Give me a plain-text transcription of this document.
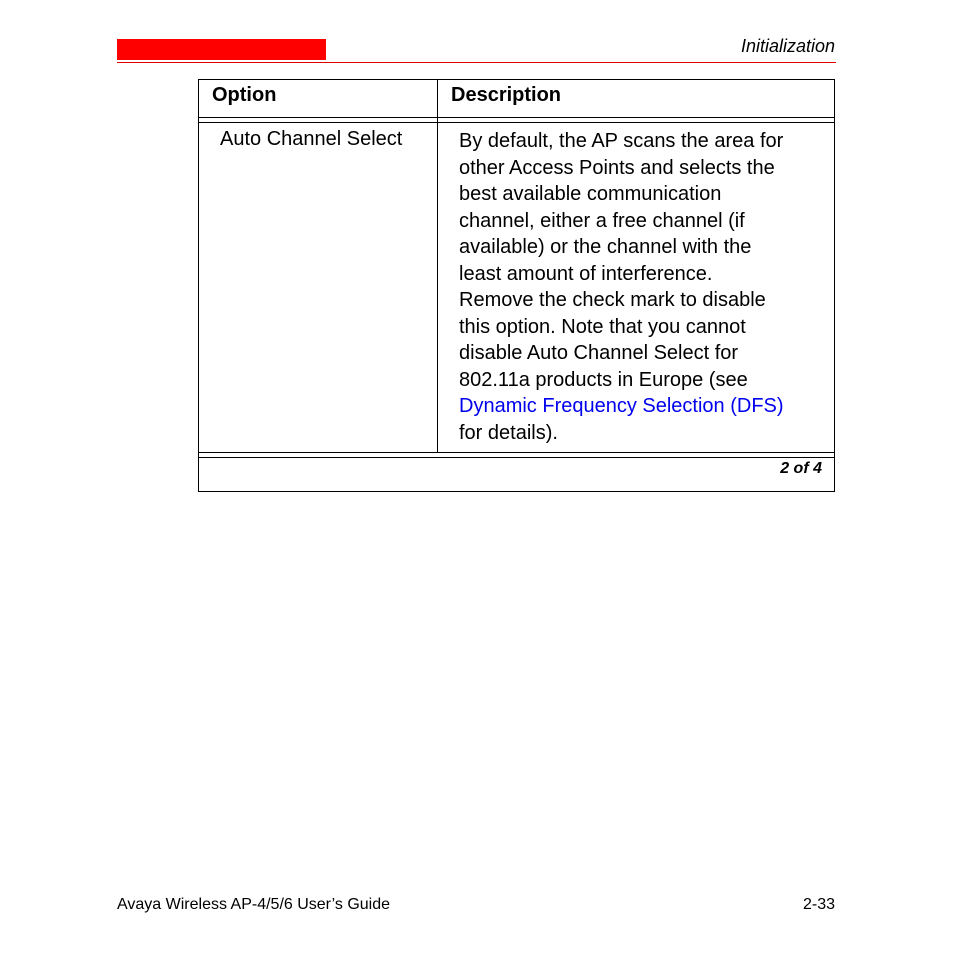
Initialization
Option	Description
Auto Channel Select	By default, the AP scans the area for
other Access Points and selects the
best available communication
channel, either a free channel (if
available) or the channel with the
least amount of interference.
Remove the check mark to disable
this option. Note that you cannot
disable Auto Channel Select for
802.11a products in Europe (see
Dynamic Frequency Selection (DFS)
for details).
2 of 4
Avaya Wireless AP-4/5/6 User’s Guide	2-33
